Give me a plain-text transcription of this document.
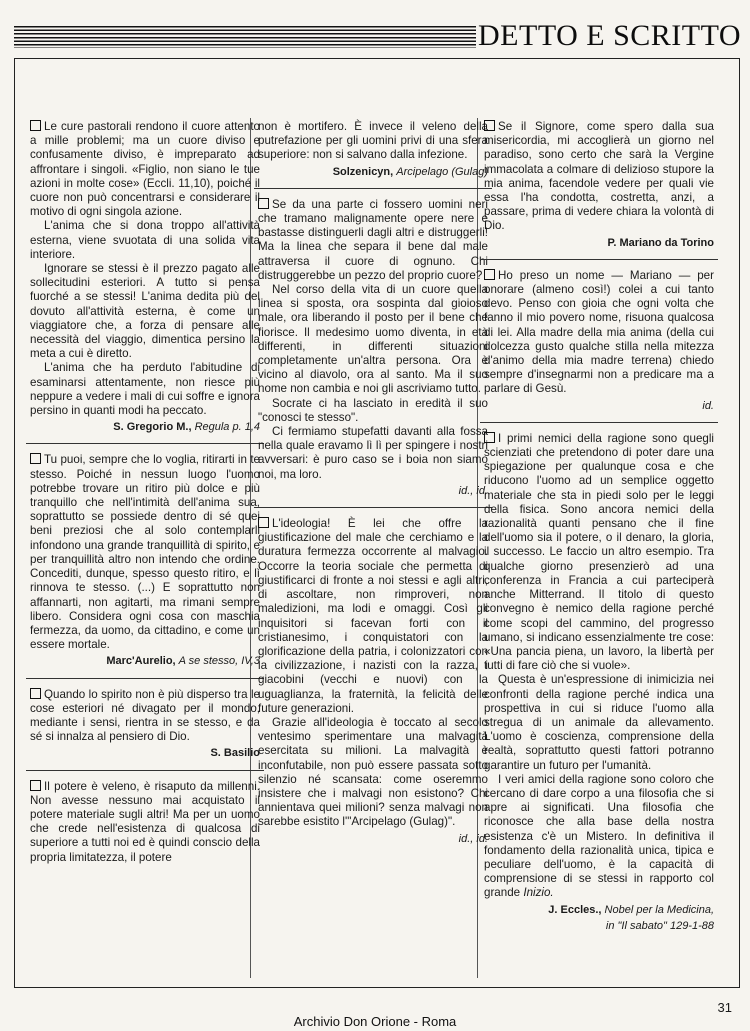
DETTO E SCRITTO

Le cure pastorali rendono il cuore attento a mille problemi; ma un cuore diviso e confusamente diviso, è impreparato ad affrontare i singoli. «Figlio, non siano le tue azioni in molte cose» (Eccli. 11,10), poiché il cuore non può concentrarsi e considerare il motivo di ogni singola azione.

L'anima che si dona troppo all'attività esterna, viene svuotata di una solida vita interiore.

Ignorare se stessi è il prezzo pagato alle sollecitudini esteriori. A tutto si pensa fuorché a se stessi! L'anima dedita più del dovuto all'attività esterna, è come un viaggiatore che, a forza di pensare alle necessità del viaggio, dimentica persino la meta a cui è diretto.

L'anima che ha perduto l'abitudine di esaminarsi attentamente, non riesce più neppure a vedere i mali di cui soffre e ignora persino in quanti modi ha peccato.

S. Gregorio M., Regula p. 1,4

Tu puoi, sempre che lo voglia, ritirarti in te stesso. Poiché in nessun luogo l'uomo potrebbe trovare un ritiro più dolce e più tranquillo che nell'intimità dell'anima sua, soprattutto se possiede dentro di sé quei beni preziosi che al solo contemplarli infondono una grande tranquillità di spirito, e per tranquillità altro non intendo che ordine. Concediti, dunque, spesso questo ritiro, e lì rinnova te stesso. (...) E soprattutto non affannarti, non agitarti, ma rimani sempre libero. Considera ogni cosa con maschia fermezza, da uomo, da cittadino, e come un essere mortale.

Marc'Aurelio, A se stesso, IV,3

Quando lo spirito non è più disperso tra le cose esteriori né divagato per il mondo, mediante i sensi, rientra in se stesso, e da sé si innalza al pensiero di Dio.

S. Basilio

Il potere è veleno, è risaputo da millenni. Non avesse nessuno mai acquistato il potere materiale sugli altri! Ma per un uomo che crede nell'esistenza di qualcosa di superiore a tutti noi ed è quindi conscio della propria limitatezza, il potere

non è mortifero. È invece il veleno della putrefazione per gli uomini privi di una sfera superiore: non si salvano dalla infezione.

Solzenicyn, Arcipelago (Gulag)

Se da una parte ci fossero uomini neri che tramano malignamente opere nere e bastasse distinguerli dagli altri e distruggerli! Ma la linea che separa il bene dal male attraversa il cuore di ognuno. Chi distruggerebbe un pezzo del proprio cuore?

Nel corso della vita di un cuore quella linea si sposta, ora sospinta dal gioioso male, ora liberando il posto per il bene che fiorisce. Il medesimo uomo diventa, in età differenti, in differenti situazioni completamente un'altra persona. Ora è vicino al diavolo, ora al santo. Ma il suo nome non cambia e noi gli ascriviamo tutto.

Socrate ci ha lasciato in eredità il suo "conosci te stesso".

Ci fermiamo stupefatti davanti alla fossa nella quale eravamo lì lì per spingere i nostri avversari: è puro caso se i boia non siamo noi, ma loro.

id., id.

L'ideologia! È lei che offre la giustificazione del male che cerchiamo e la duratura fermezza occorrente al malvagio. Occorre la teoria sociale che permetta di giustificarci di fronte a noi stessi e agli altri, di ascoltare, non rimproveri, non maledizioni, ma lodi e omaggi. Così gli inquisitori si facevan forti con il cristianesimo, i conquistatori con la glorificazione della patria, i colonizzatori con la civilizzazione, i nazisti con la razza, i giacobini (vecchi e nuovi) con la uguaglianza, la fraternità, la felicità delle future generazioni.

Grazie all'ideologia è toccato al secolo ventesimo sperimentare una malvagità esercitata su milioni. La malvagità è inconfutabile, non può essere passata sotto silenzio né scansata: come oseremmo insistere che i malvagi non esistono? Chi annientava quei milioni? senza malvagi non sarebbe esistito l'"Arcipelago (Gulag)".

id., id.

Se il Signore, come spero dalla sua misericordia, mi accoglierà un giorno nel paradiso, sono certo che sarà la Vergine immacolata a colmare di delizioso stupore la mia anima, facendole vedere per quali vie essa l'ha condotta, costretta, anzi, a passare, prima di vedere chiara la volontà di Dio.

P. Mariano da Torino

Ho preso un nome — Mariano — per onorare (almeno così!) colei a cui tanto devo. Penso con gioia che ogni volta che fanno il mio povero nome, risuona qualcosa di lei. Alla madre della mia anima (della cui dolcezza gusto qualche stilla nella mitezza d'animo della mia madre terrena) chiedo sempre d'insegnarmi non a predicare ma a parlare di Gesù.

id.

I primi nemici della ragione sono quegli scienziati che pretendono di poter dare una spiegazione per qualunque cosa e che riducono l'uomo ad un semplice oggetto materiale che sta in piedi solo per le leggi della fisica. Sono ancora nemici della razionalità quanti pensano che il fine dell'uomo sia il potere, o il denaro, la gloria, il successo. Le faccio un altro esempio. Tra qualche giorno presenzierò ad una conferenza in Francia a cui parteciperà anche Mitterrand. Il titolo di questo convegno è nemico della ragione perché come scopi del cammino, del progresso umano, si indicano essenzialmente tre cose: «Una pancia piena, un lavoro, la libertà per tutti di fare ciò che si vuole».

Questa è un'espressione di inimicizia nei confronti della ragione perché indica una prospettiva in cui si riduce l'uomo alla stregua di un animale da allevamento. L'uomo è coscienza, comprensione della realtà, soprattutto questi fattori potranno garantire un futuro per l'umanità.

I veri amici della ragione sono coloro che cercano di dare corpo a una filosofia che si apre ai significati. Una filosofia che riconosce che alla base della nostra esistenza c'è un Mistero. In definitiva il fondamento della razionalità unica, tipica e peculiare dell'uomo, è la capacità di comprensione di se stessi in rapporto col grande Inizio.

J. Eccles., Nobel per la Medicina,

in "Il sabato" 129-1-88

31
Archivio Don Orione - Roma
